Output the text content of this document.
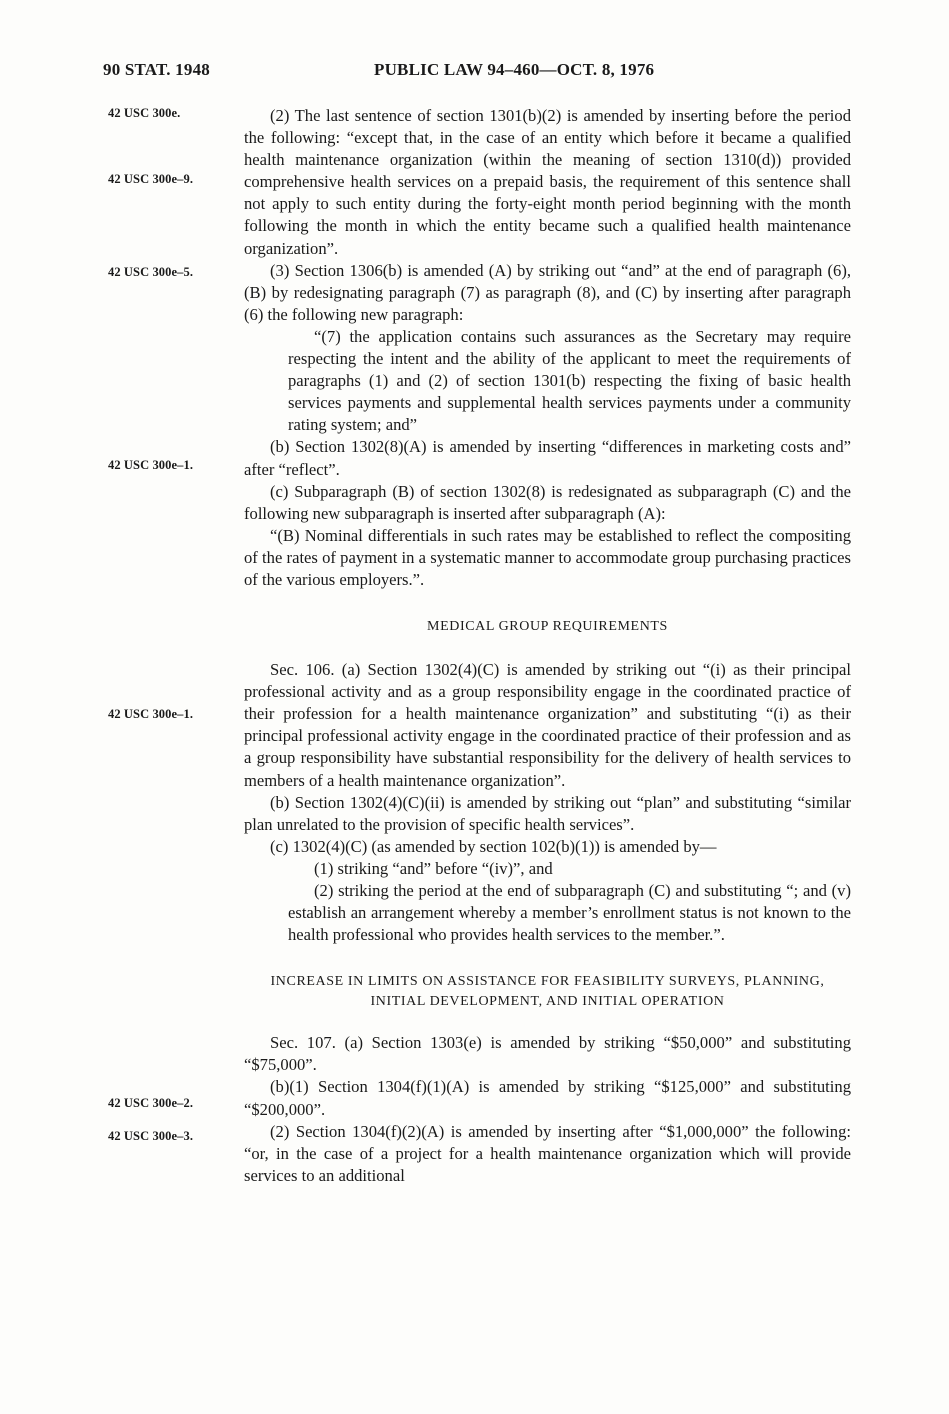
90 STAT. 1948	PUBLIC LAW 94–460—OCT. 8, 1976
42 USC 300e.
42 USC 300e–9.
42 USC 300e–5.
42 USC 300e–1.
42 USC 300e–1.
42 USC 300e–2.
42 USC 300e–3.

(2) The last sentence of section 1301(b)(2) is amended by inserting before the period the following: “except that, in the case of an entity which before it became a qualified health maintenance organization (within the meaning of section 1310(d)) provided comprehensive health services on a prepaid basis, the requirement of this sentence shall not apply to such entity during the forty-eight month period beginning with the month following the month in which the entity became such a qualified health maintenance organization”.

(3) Section 1306(b) is amended (A) by striking out “and” at the end of paragraph (6), (B) by redesignating paragraph (7) as paragraph (8), and (C) by inserting after paragraph (6) the following new paragraph:

“(7) the application contains such assurances as the Secretary may require respecting the intent and the ability of the applicant to meet the requirements of paragraphs (1) and (2) of section 1301(b) respecting the fixing of basic health services payments and supplemental health services payments under a community rating system; and”

(b) Section 1302(8)(A) is amended by inserting “differences in marketing costs and” after “reflect”.

(c) Subparagraph (B) of section 1302(8) is redesignated as subparagraph (C) and the following new subparagraph is inserted after subparagraph (A):

“(B) Nominal differentials in such rates may be established to reflect the compositing of the rates of payment in a systematic manner to accommodate group purchasing practices of the various employers.”.

MEDICAL GROUP REQUIREMENTS

Sec. 106. (a) Section 1302(4)(C) is amended by striking out “(i) as their principal professional activity and as a group responsibility engage in the coordinated practice of their profession for a health maintenance organization” and substituting “(i) as their principal professional activity engage in the coordinated practice of their profession and as a group responsibility have substantial responsibility for the delivery of health services to members of a health maintenance organization”.

(b) Section 1302(4)(C)(ii) is amended by striking out “plan” and substituting “similar plan unrelated to the provision of specific health services”.

(c) 1302(4)(C) (as amended by section 102(b)(1)) is amended by—

(1) striking “and” before “(iv)”, and

(2) striking the period at the end of subparagraph (C) and substituting “; and (v) establish an arrangement whereby a member’s enrollment status is not known to the health professional who provides health services to the member.”.

INCREASE IN LIMITS ON ASSISTANCE FOR FEASIBILITY SURVEYS, PLANNING,

INITIAL DEVELOPMENT, AND INITIAL OPERATION

Sec. 107. (a) Section 1303(e) is amended by striking “$50,000” and substituting “$75,000”.

(b)(1) Section 1304(f)(1)(A) is amended by striking “$125,000” and substituting “$200,000”.

(2) Section 1304(f)(2)(A) is amended by inserting after “$1,000,000” the following: “or, in the case of a project for a health maintenance organization which will provide services to an additional
